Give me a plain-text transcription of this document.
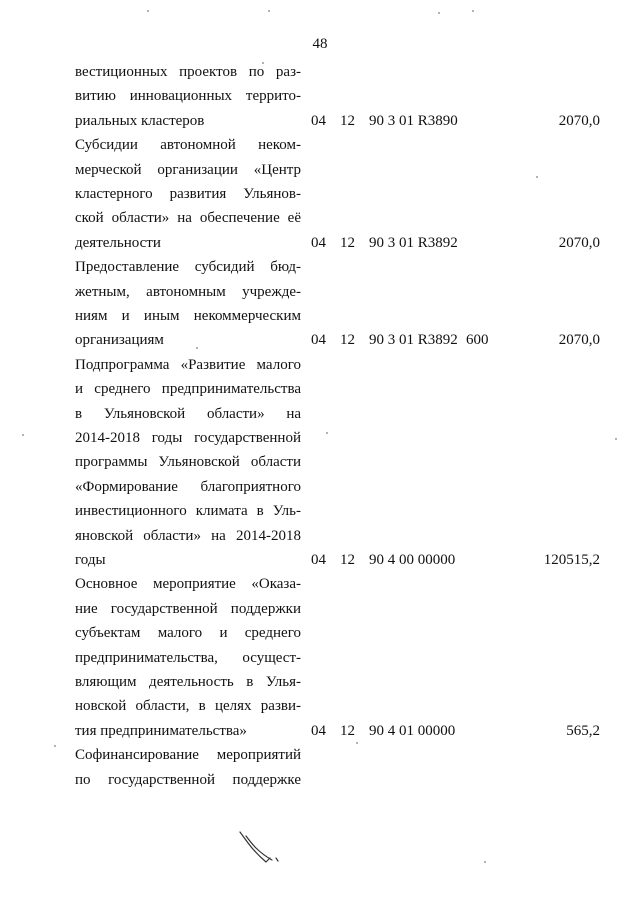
48
вестиционных проектов по раз-
витию инновационных террито-
риальных кластеров	04 12 90 3 01 R3890	2070,0
Субсидии автономной неком-
мерческой организации «Центр
кластерного развития Ульянов-
ской области» на обеспечение её
деятельности	04 12 90 3 01 R3892	2070,0
Предоставление субсидий бюд-
жетным, автономным учрежде-
ниям и иным некоммерческим
организациям	04 12 90 3 01 R3892 600	2070,0
Подпрограмма «Развитие малого
и среднего предпринимательства
в Ульяновской области» на
2014-2018 годы государственной
программы Ульяновской области
«Формирование благоприятного
инвестиционного климата в Уль-
яновской области» на 2014-2018
годы	04 12 90 4 00 00000	120515,2
Основное мероприятие «Оказа-
ние государственной поддержки
субъектам малого и среднего
предпринимательства, осущест-
вляющим деятельность в Улья-
новской области, в целях разви-
тия предпринимательства»	04 12 90 4 01 00000	565,2
Софинансирование мероприятий
по государственной поддержке
